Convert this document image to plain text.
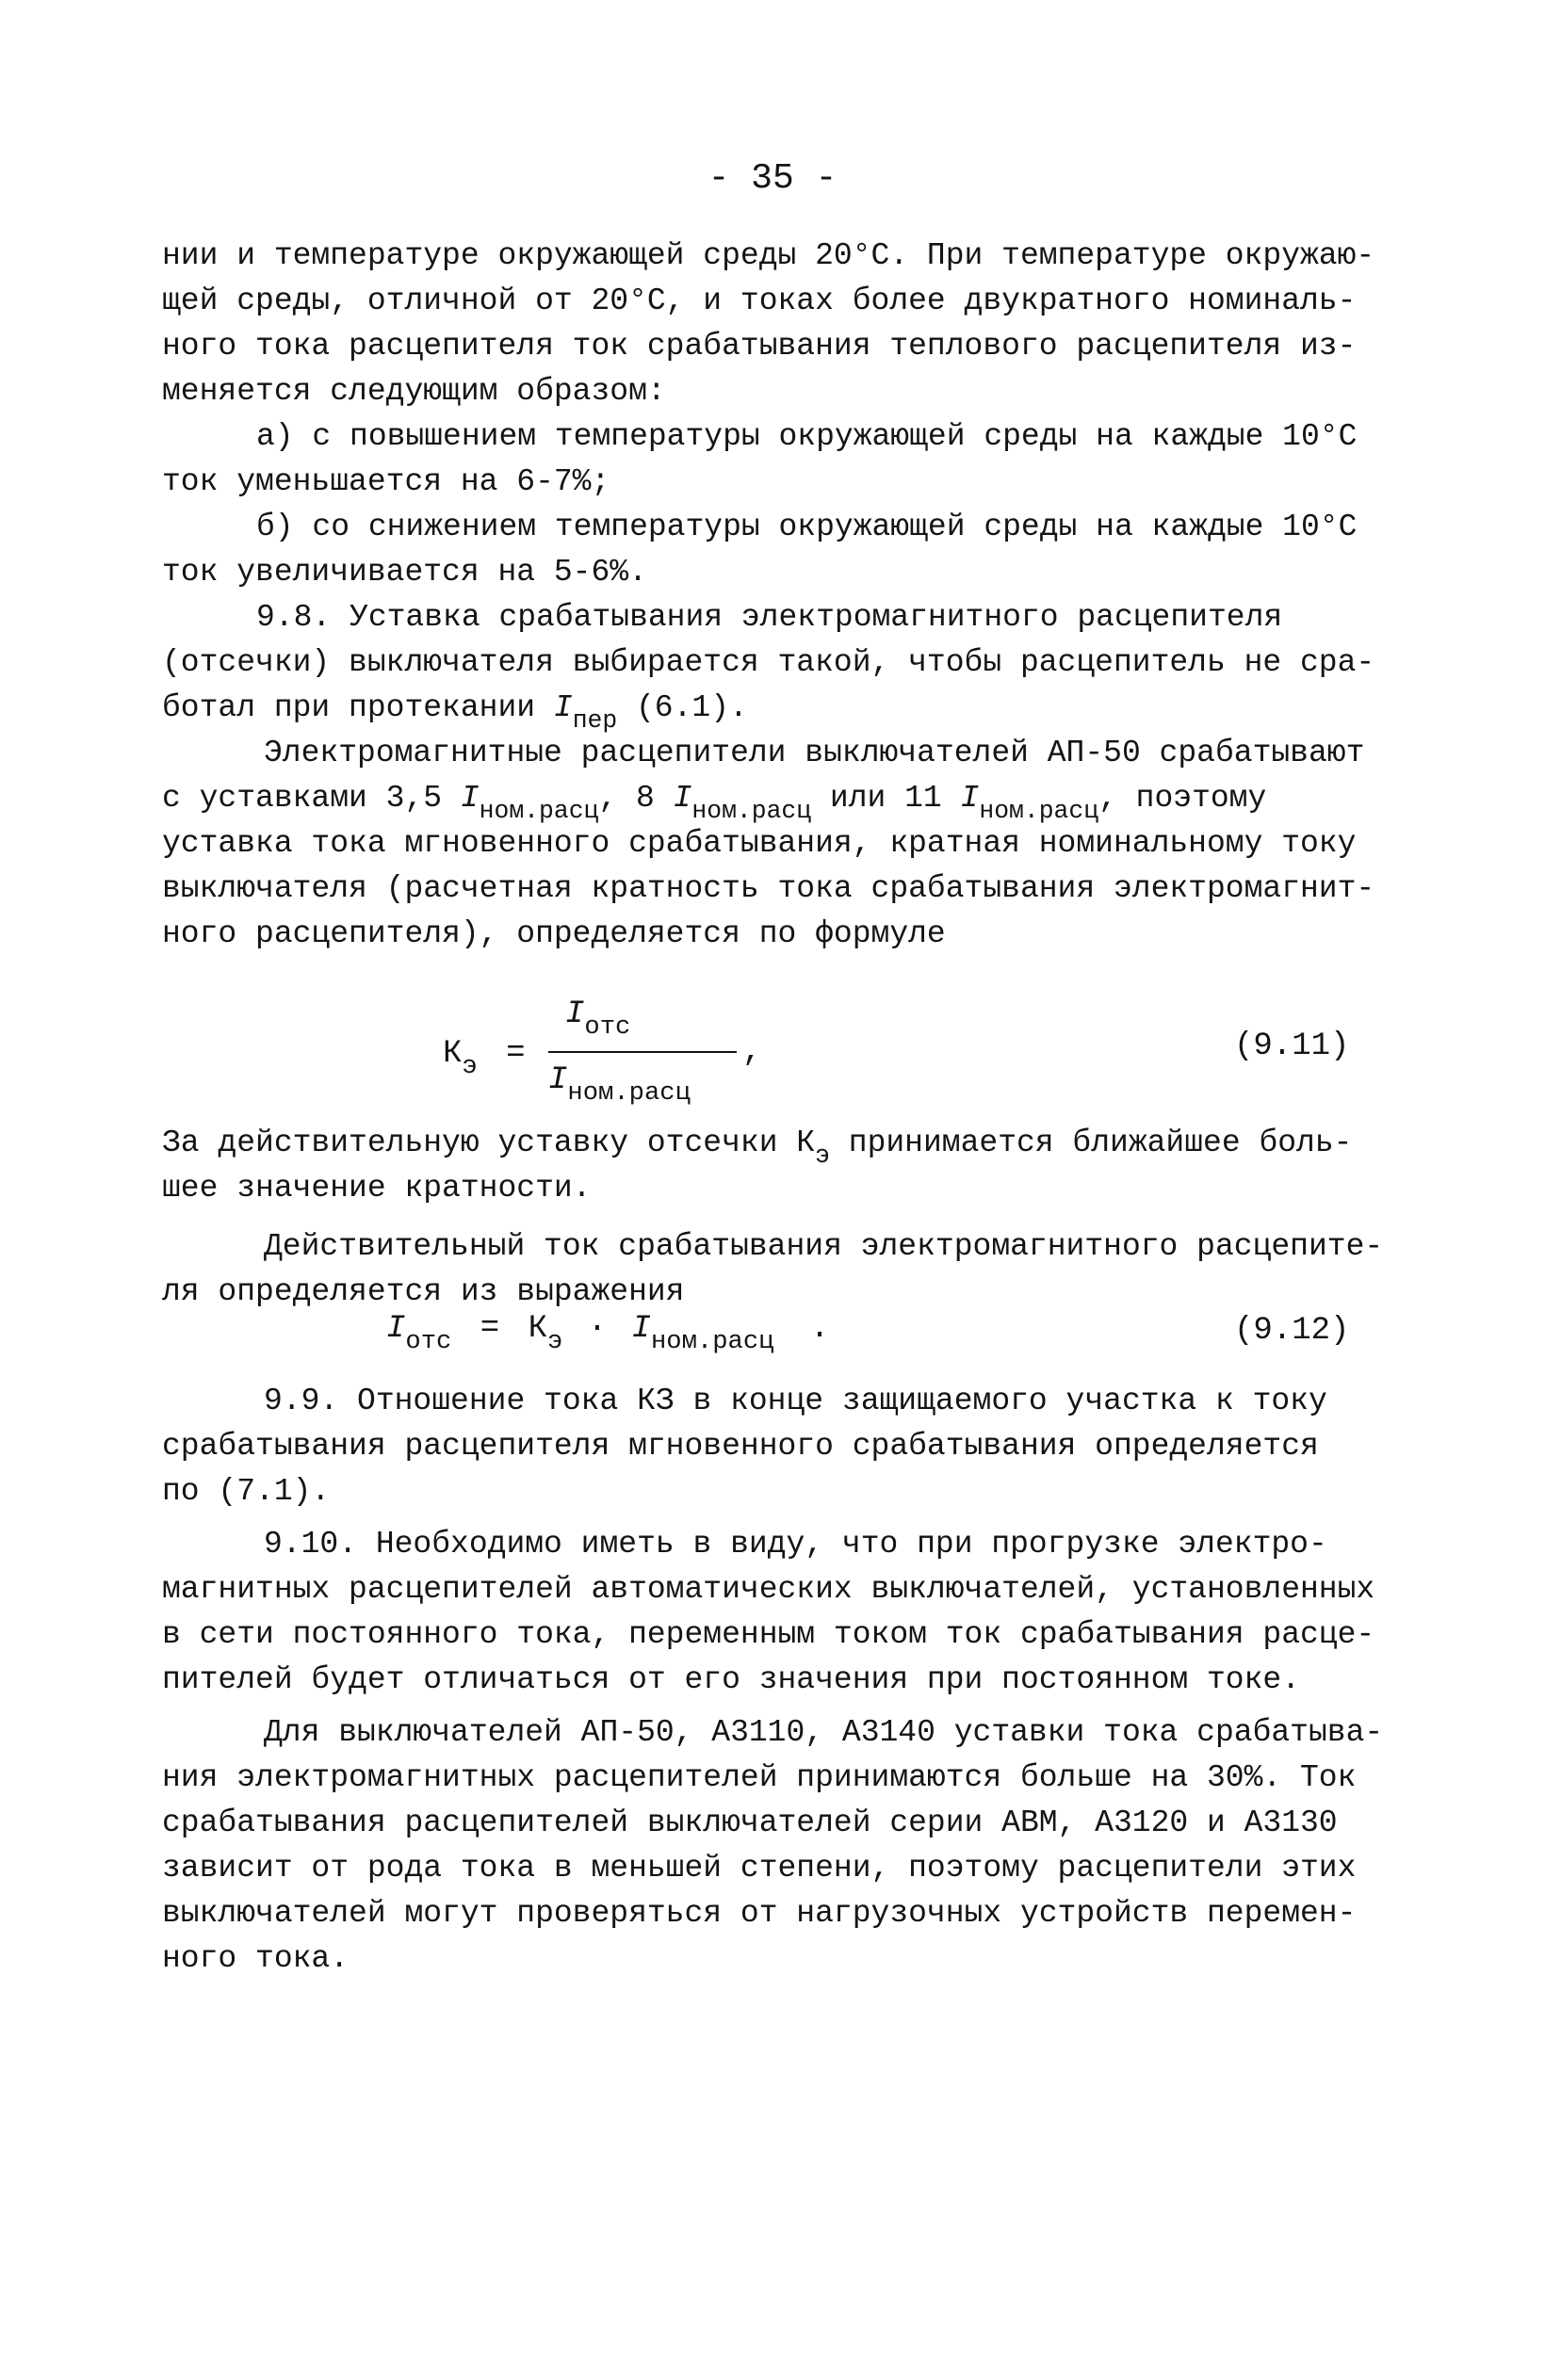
- 35 -
нии и температуре окружающей среды 20°С. При температуре окружаю-
щей среды, отличной от 20°С, и токах более двукратного номиналь-
ного тока расцепителя ток срабатывания теплового расцепителя из-
меняется следующим образом:
а) с повышением температуры окружающей среды на каждые 10°С
ток уменьшается на 6-7%;
б) со снижением температуры окружающей среды на каждые 10°С
ток увеличивается на 5-6%.
9.8. Уставка срабатывания электромагнитного расцепителя
(отсечки) выключателя выбирается такой, чтобы расцепитель не сра-
ботал при протекании $I_{пер}$ (6.1).
Электромагнитные расцепители выключателей АП-50 срабатывают
с уставками 3,5 $I_{ном.расц}$, 8 $I_{ном.расц}$ или 11 $I_{ном.расц}$, поэтому
уставка тока мгновенного срабатывания, кратная номинальному току
выключателя (расчетная кратность тока срабатывания электромагнит-
ного расцепителя), определяется по формуле
$К_э$ =
$I_{отс}$
,
$I_{ном.расц}$
(9.11)
За действительную уставку отсечки $К_э$ принимается ближайшее боль-
шее значение кратности.
Действительный ток срабатывания электромагнитного расцепите-
ля определяется из выражения
$I_{отс} = К_э \cdot I_{ном.расц}$ .	(9.12)
9.9. Отношение тока КЗ в конце защищаемого участка к току
срабатывания расцепителя мгновенного срабатывания определяется
по (7.1).
9.10. Необходимо иметь в виду, что при прогрузке электро-
магнитных расцепителей автоматических выключателей, установленных
в сети постоянного тока, переменным током ток срабатывания расце-
пителей будет отличаться от его значения при постоянном токе.
Для выключателей АП-50, А3110, А3140 уставки тока срабатыва-
ния электромагнитных расцепителей принимаются больше на 30%. Ток
срабатывания расцепителей выключателей серии АВМ, А3120 и А3130
зависит от рода тока в меньшей степени, поэтому расцепители этих
выключателей могут проверяться от нагрузочных устройств перемен-
ного тока.
